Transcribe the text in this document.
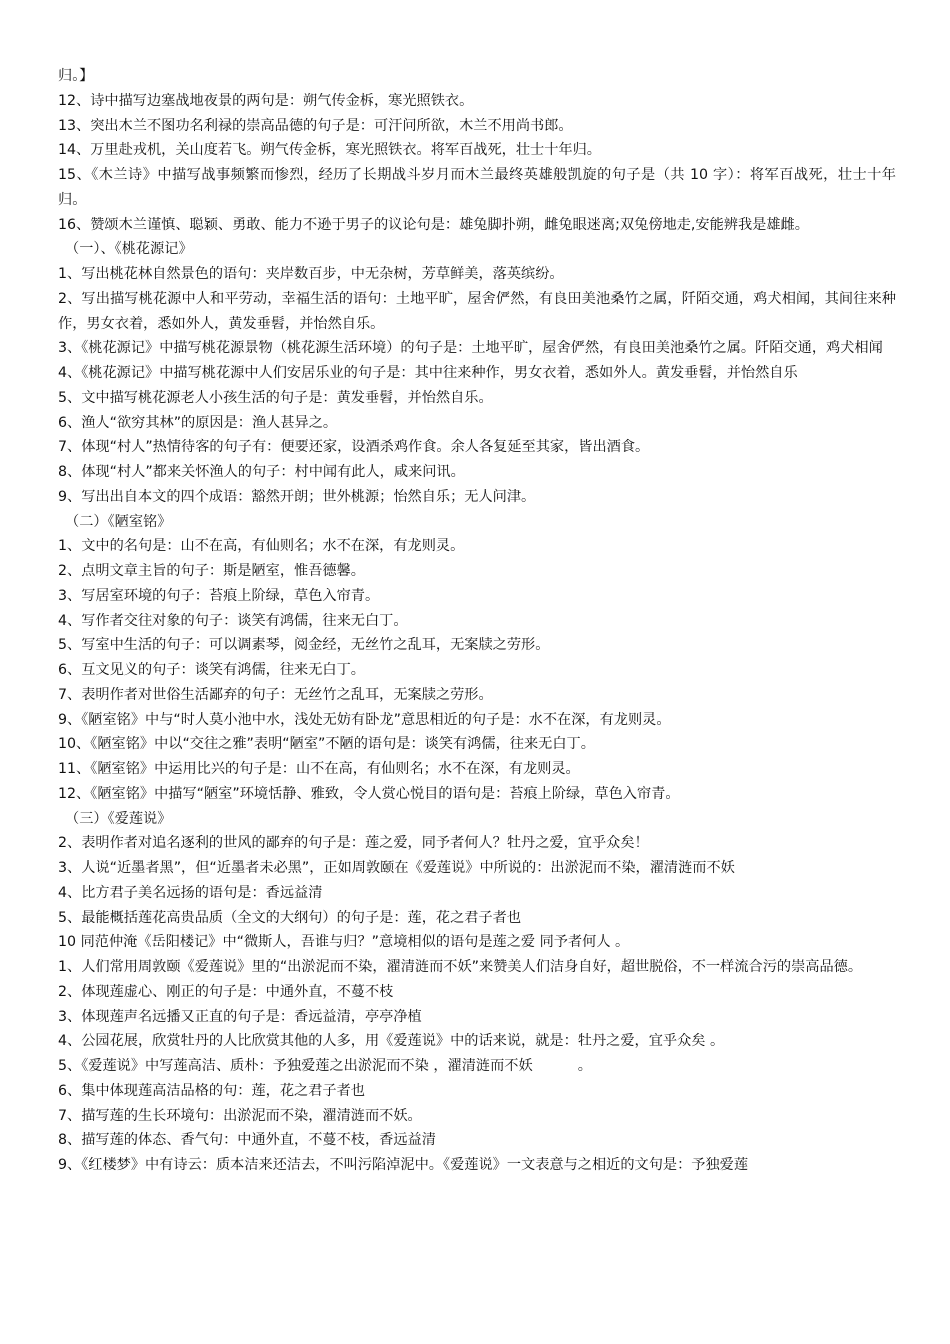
归。】

12、诗中描写边塞战地夜景的两句是：朔气传金柝，寒光照铁衣。

13、突出木兰不图功名利禄的崇高品德的句子是：可汗问所欲，木兰不用尚书郎。

14、万里赴戎机，关山度若飞。朔气传金柝，寒光照铁衣。将军百战死，壮士十年归。

15、《木兰诗》中描写战事频繁而惨烈，经历了长期战斗岁月而木兰最终英雄般凯旋的句子是（共 10 字）：将军百战死，壮士十年归。

16、赞颂木兰谨慎、聪颖、勇敢、能力不逊于男子的议论句是：雄兔脚扑朔，雌兔眼迷离;双兔傍地走,安能辨我是雄雌。

（一）、《桃花源记》

1、写出桃花林自然景色的语句：夹岸数百步，中无杂树，芳草鲜美，落英缤纷。

2、写出描写桃花源中人和平劳动，幸福生活的语句：土地平旷，屋舍俨然，有良田美池桑竹之属，阡陌交通，鸡犬相闻，其间往来种作，男女衣着，悉如外人，黄发垂髫，并怡然自乐。

3、《桃花源记》中描写桃花源景物（桃花源生活环境）的句子是：土地平旷，屋舍俨然，有良田美池桑竹之属。阡陌交通，鸡犬相闻

4、《桃花源记》中描写桃花源中人们安居乐业的句子是：其中往来种作，男女衣着，悉如外人。黄发垂髫，并怡然自乐

5、文中描写桃花源老人小孩生活的句子是：黄发垂髫，并怡然自乐。

6、渔人“欲穷其林”的原因是：渔人甚异之。

7、体现“村人”热情待客的句子有：便要还家，设酒杀鸡作食。余人各复延至其家，皆出酒食。

8、体现“村人”都来关怀渔人的句子：村中闻有此人，咸来问讯。

9、写出出自本文的四个成语：豁然开朗；世外桃源；怡然自乐；无人问津。

（二）《陋室铭》

1、文中的名句是：山不在高，有仙则名；水不在深，有龙则灵。

2、点明文章主旨的句子：斯是陋室，惟吾德馨。

3、写居室环境的句子：苔痕上阶绿，草色入帘青。

4、写作者交往对象的句子：谈笑有鸿儒，往来无白丁。

5、写室中生活的句子：可以调素琴，阅金经，无丝竹之乱耳，无案牍之劳形。

6、互文见义的句子：谈笑有鸿儒，往来无白丁。

7、表明作者对世俗生活鄙弃的句子：无丝竹之乱耳，无案牍之劳形。

9、《陋室铭》中与“时人莫小池中水，浅处无妨有卧龙”意思相近的句子是：水不在深，有龙则灵。

10、《陋室铭》中以“交往之雅”表明“陋室”不陋的语句是：谈笑有鸿儒，往来无白丁。

11、《陋室铭》中运用比兴的句子是：山不在高，有仙则名；水不在深，有龙则灵。

12、《陋室铭》中描写“陋室”环境恬静、雅致，令人赏心悦目的语句是：苔痕上阶绿，草色入帘青。

（三）《爱莲说》

2、表明作者对追名逐利的世风的鄙弃的句子是：莲之爱，同予者何人？牡丹之爱，宜乎众矣！

3、人说“近墨者黑”，但“近墨者未必黑”，正如周敦颐在《爱莲说》中所说的：出淤泥而不染，濯清涟而不妖

4、比方君子美名远扬的语句是：香远益清

5、最能概括莲花高贵品质（全文的大纲句）的句子是：莲，花之君子者也

10 同范仲淹《岳阳楼记》中“微斯人，吾谁与归？”意境相似的语句是莲之爱 同予者何人 。

1、人们常用周敦颐《爱莲说》里的“出淤泥而不染，濯清涟而不妖”来赞美人们洁身自好，超世脱俗，不一样流合污的崇高品德。

2、体现莲虚心、刚正的句子是：中通外直，不蔓不枝

3、体现莲声名远播又正直的句子是：香远益清，亭亭净植

4、公园花展，欣赏牡丹的人比欣赏其他的人多，用《爱莲说》中的话来说，就是：牡丹之爱，宜乎众矣 。

5、《爱莲说》中写莲高洁、质朴：予独爱莲之出淤泥而不染 ，濯清涟而不妖          。

6、集中体现莲高洁品格的句：莲，花之君子者也

7、描写莲的生长环境句：出淤泥而不染，濯清涟而不妖。

8、描写莲的体态、香气句：中通外直，不蔓不枝，香远益清

9、《红楼梦》中有诗云：质本洁来还洁去，不叫污陷淖泥中。《爱莲说》一文表意与之相近的文句是：予独爱莲
